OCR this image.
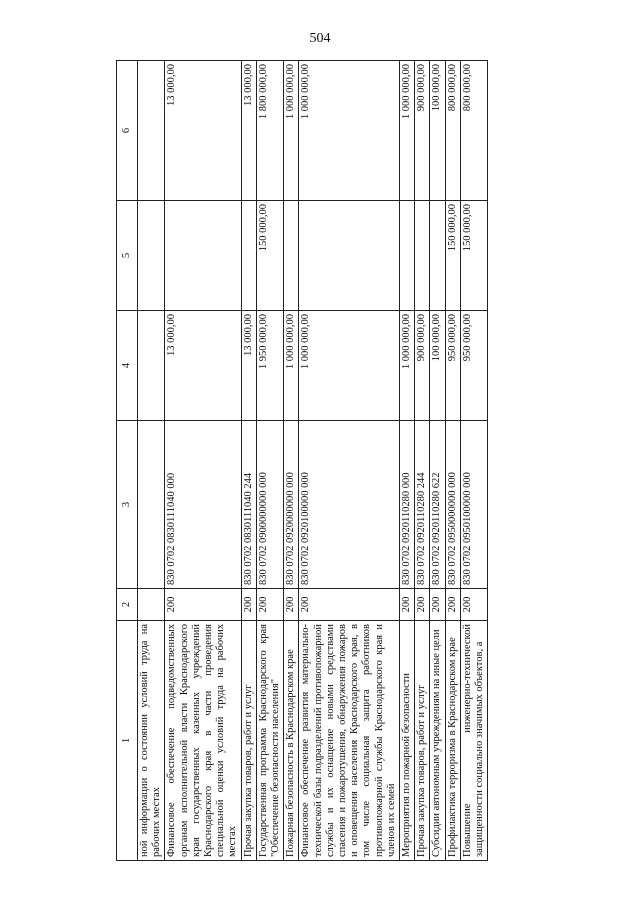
504
1	2	3	4	5	6
ной информации о состоянии условий труда на рабочих местах					
Финансовое обеспечение подведомственных органам исполнительной власти Краснодарского края государственных казенных учреждений Краснодарского края в части проведения специальной оценки условий труда на рабочих местах	200	830 0702 0830111040 000	13 000,00		13 000,00
Прочая закупка товаров, работ и услуг	200	830 0702 0830111040 244	13 000,00		13 000,00
Государственная программа Краснодарского края "Обеспечение безопасности населения"	200	830 0702 0900000000 000	1 950 000,00	150 000,00	1 800 000,00
Пожарная безопасность в Краснодарском крае	200	830 0702 0920000000 000	1 000 000,00		1 000 000,00
Финансовое обеспечение развития материально-технической базы подразделений противопожарной службы и их оснащение новыми средствами спасения и пожаротушения, обнаружения пожаров и оповещения населения Краснодарского края, в том числе социальная защита работников противопожарной службы Краснодарского края и членов их семей	200	830 0702 0920100000 000	1 000 000,00		1 000 000,00
Мероприятия по пожарной безопасности	200	830 0702 0920110280 000	1 000 000,00		1 000 000,00
Прочая закупка товаров, работ и услуг	200	830 0702 0920110280 244	900 000,00		900 000,00
Субсидии автономным учреждениям на иные цели	200	830 0702 0920110280 622	100 000,00		100 000,00
Профилактика терроризма в Краснодарском крае	200	830 0702 0950000000 000	950 000,00	150 000,00	800 000,00
Повышение инженерно-технической защищенности социально значимых объектов, а	200	830 0702 0950100000 000	950 000,00	150 000,00	800 000,00
